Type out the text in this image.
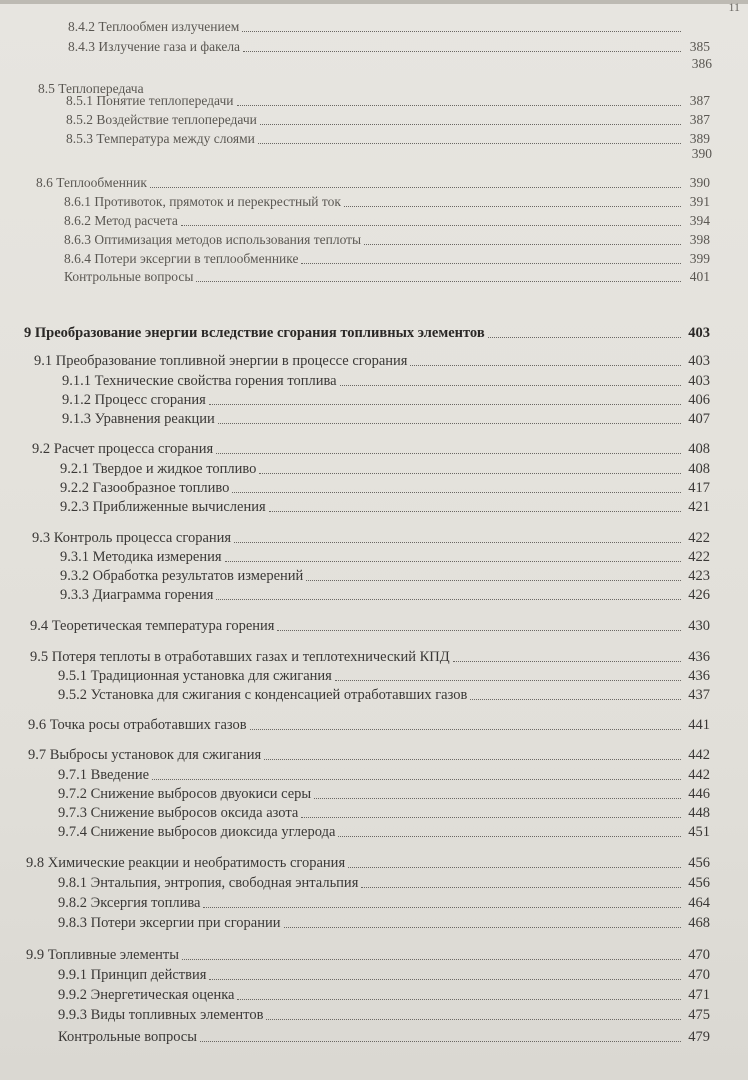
11
8.4.2 Теплообмен излучением
8.4.3 Излучение газа и факела	385
386
8.5 Теплопередача
8.5.1 Понятие теплопередачи	387
8.5.2 Воздействие теплопередачи	387
8.5.3 Температура между слоями	389
390
8.6 Теплообменник	390
8.6.1 Противоток, прямоток и перекрестный ток	391
8.6.2 Метод расчета	394
8.6.3 Оптимизация методов использования теплоты	398
8.6.4 Потери эксергии в теплообменнике	399
Контрольные вопросы	401
9 Преобразование энергии вследствие сгорания топливных элементов	403
9.1 Преобразование топливной энергии в процессе сгорания	403
9.1.1 Технические свойства горения топлива	403
9.1.2 Процесс сгорания	406
9.1.3 Уравнения реакции	407
9.2 Расчет процесса сгорания	408
9.2.1 Твердое и жидкое топливо	408
9.2.2 Газообразное топливо	417
9.2.3 Приближенные вычисления	421
9.3 Контроль процесса сгорания	422
9.3.1 Методика измерения	422
9.3.2 Обработка результатов измерений	423
9.3.3 Диаграмма горения	426
9.4 Теоретическая температура горения	430
9.5 Потеря теплоты в отработавших газах и теплотехнический КПД	436
9.5.1 Традиционная установка для сжигания	436
9.5.2 Установка для сжигания с конденсацией отработавших газов	437
9.6 Точка росы отработавших газов	441
9.7 Выбросы установок для сжигания	442
9.7.1 Введение	442
9.7.2 Снижение выбросов двуокиси серы	446
9.7.3 Снижение выбросов оксида азота	448
9.7.4 Снижение выбросов диоксида углерода	451
9.8 Химические реакции и необратимость сгорания	456
9.8.1 Энтальпия, энтропия, свободная энтальпия	456
9.8.2 Эксергия топлива	464
9.8.3 Потери эксергии при сгорании	468
9.9 Топливные элементы	470
9.9.1 Принцип действия	470
9.9.2 Энергетическая оценка	471
9.9.3 Виды топливных элементов	475
Контрольные вопросы	479
